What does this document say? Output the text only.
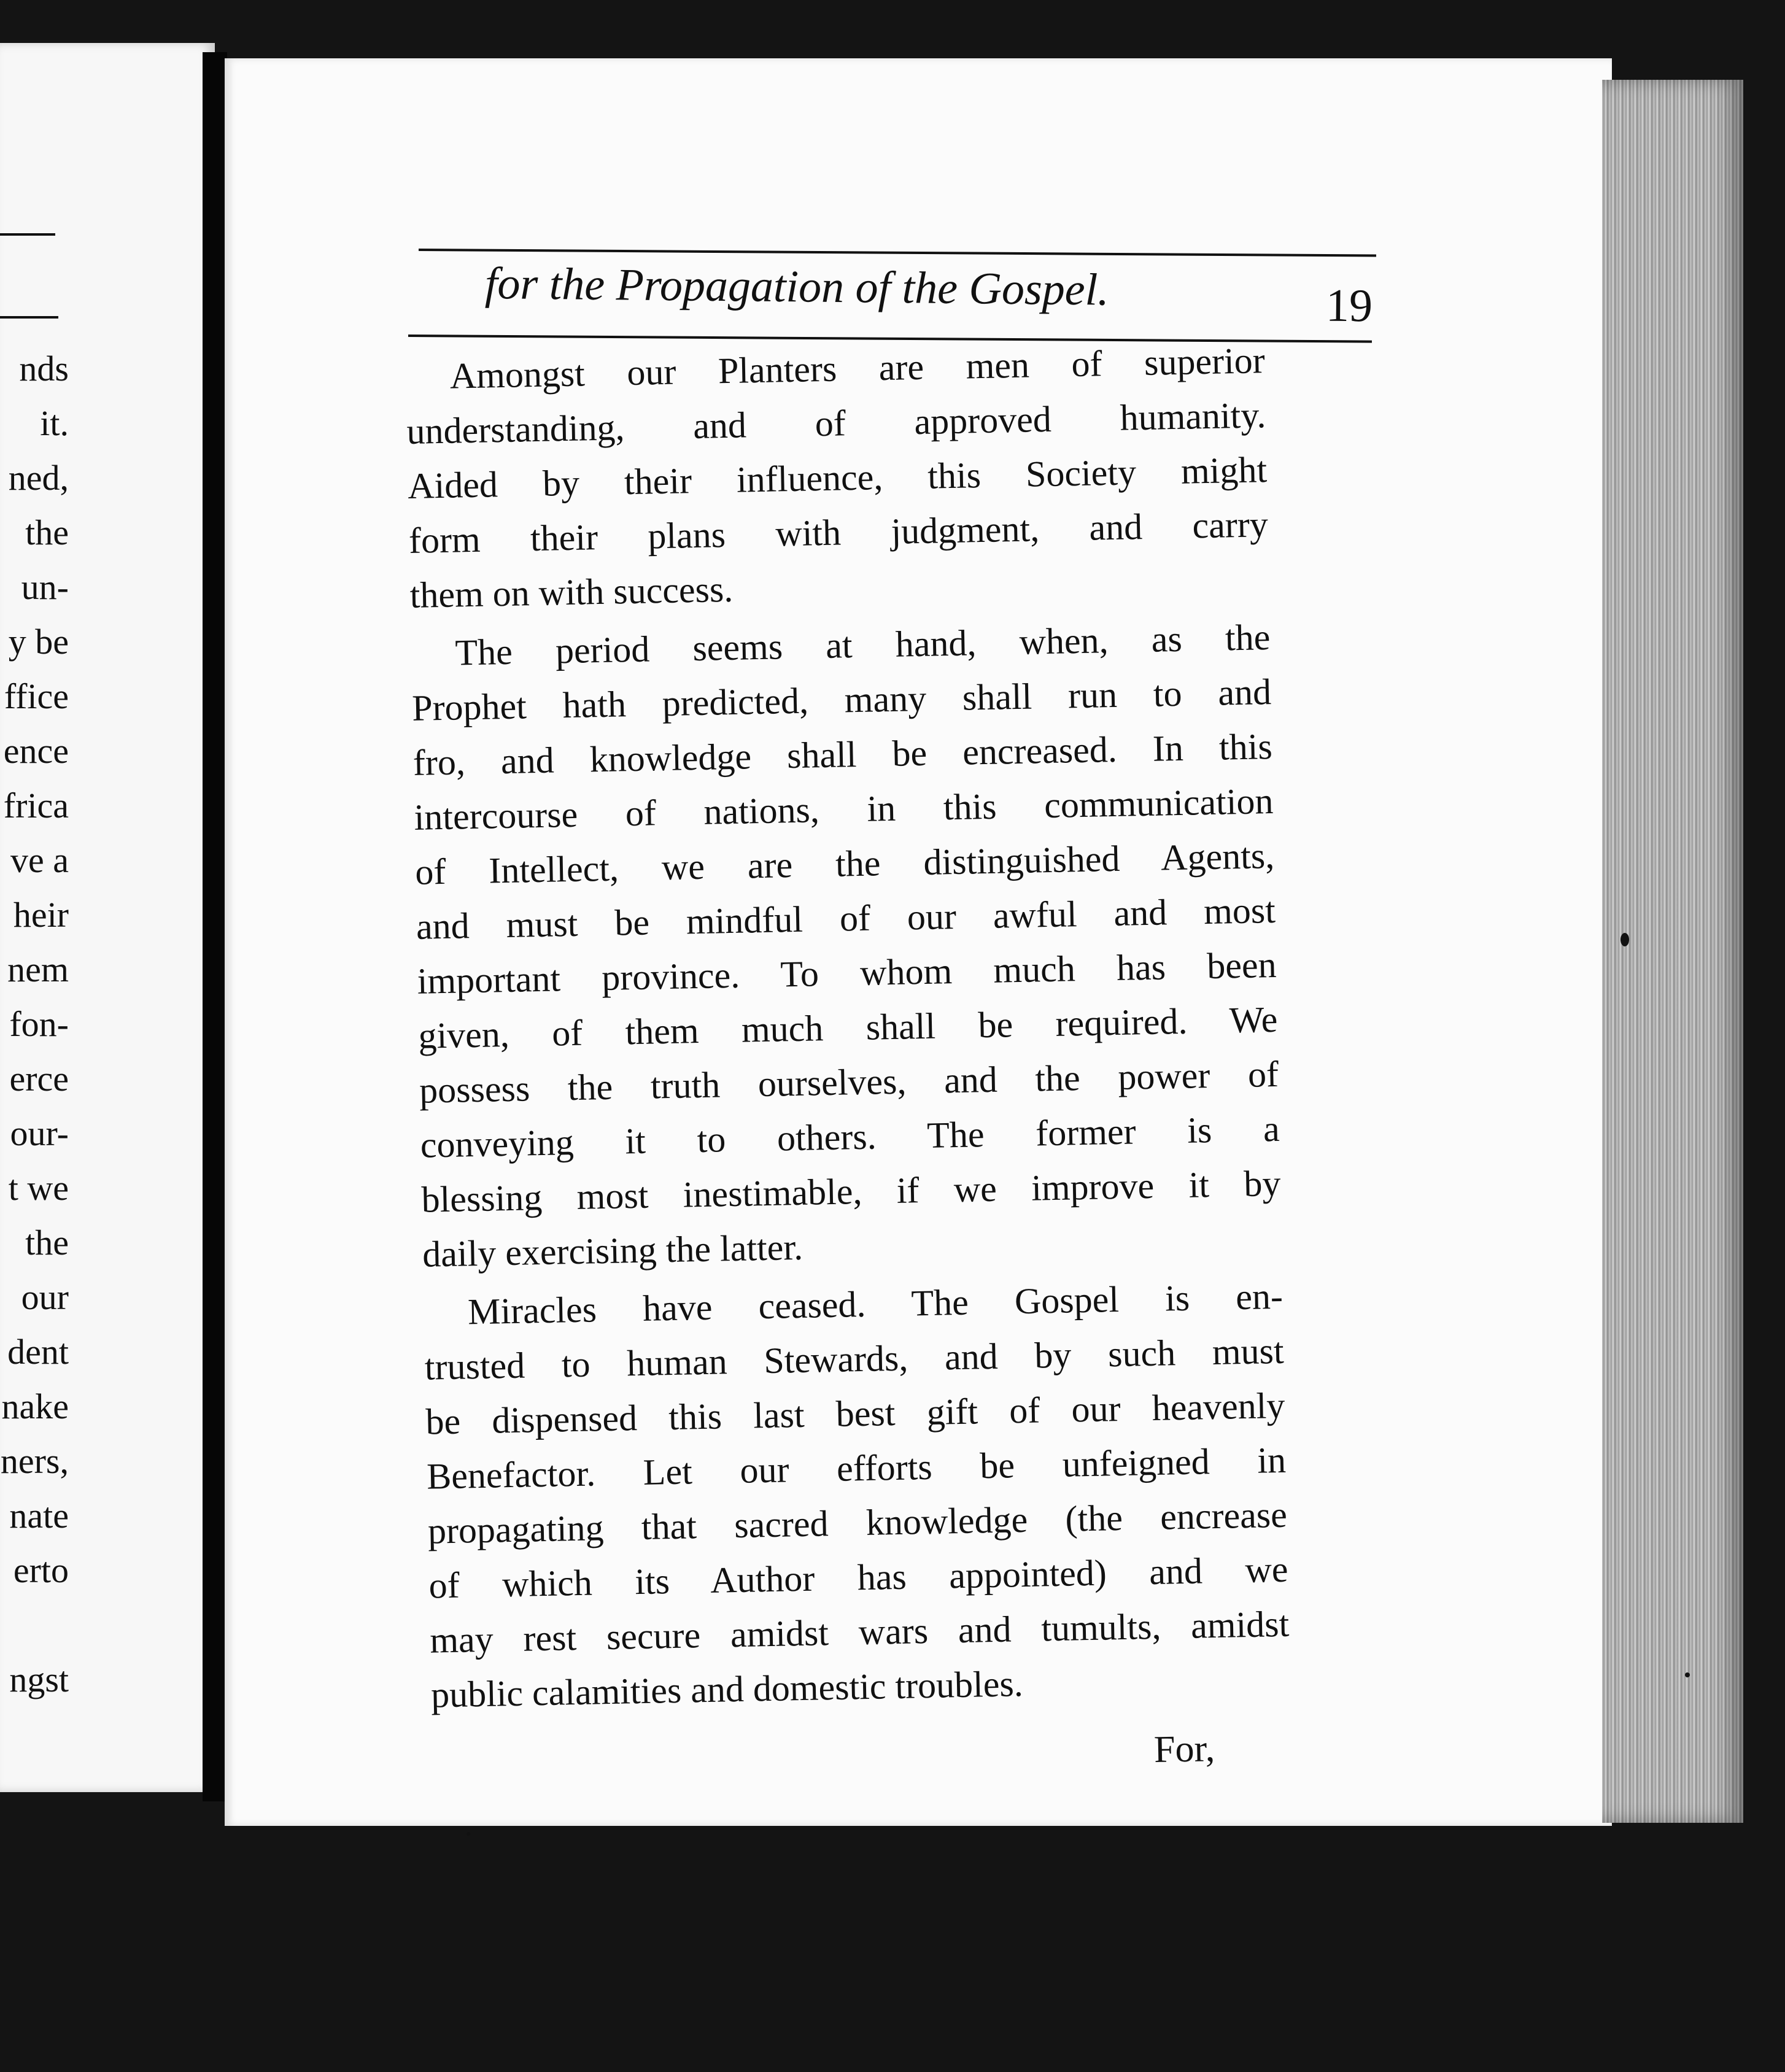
nds
it.
ned,
the
un-
y be
ffice
ence
frica
ve a
heir
nem
fon-
erce
our-
t we
the
our
dent
nake
ners,
nate
erto

ngst
for the Propagation of the Gospel.	19

Amongst our Planters are men of superior
understanding, and of approved humanity.
Aided by their influence, this Society might
form their plans with judgment, and carry
them on with success.

The period seems at hand, when, as the
Prophet hath predicted, many shall run to and
fro, and knowledge shall be encreased. In this
intercourse of nations, in this communication
of Intellect, we are the distinguished Agents,
and must be mindful of our awful and most
important province. To whom much has been
given, of them much shall be required. We
possess the truth ourselves, and the power of
conveying it to others. The former is a
blessing most inestimable, if we improve it by
daily exercising the latter.

Miracles have ceased. The Gospel is en-
trusted to human Stewards, and by such must
be dispensed this last best gift of our heavenly
Benefactor. Let our efforts be unfeigned in
propagating that sacred knowledge (the encrease
of which its Author has appointed) and we
may rest secure amidst wars and tumults, amidst
public calamities and domestic troubles.

For,
